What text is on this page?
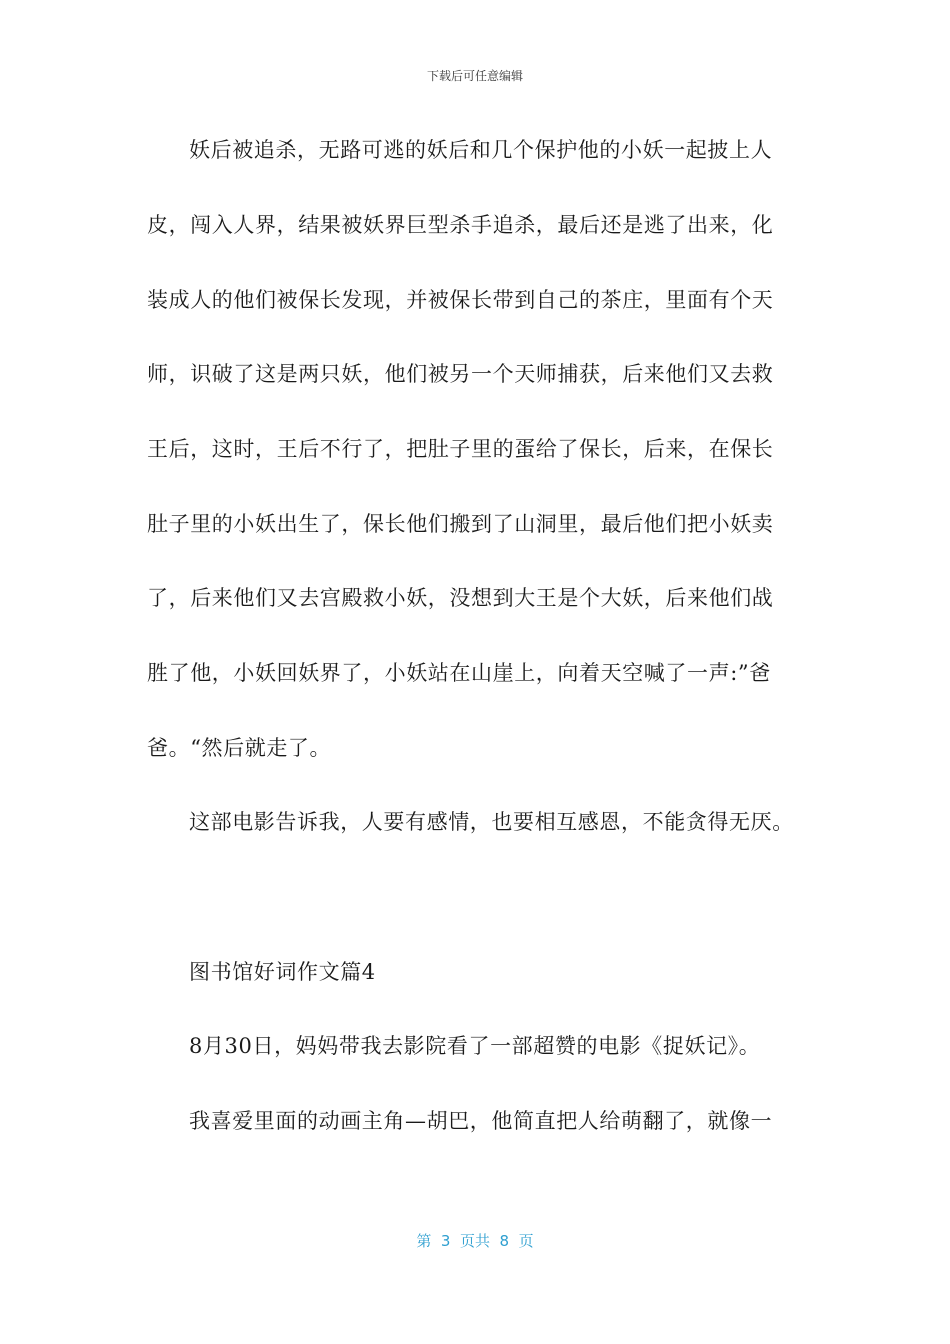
下载后可任意编辑
妖后被追杀，无路可逃的妖后和几个保护他的小妖一起披上人
皮，闯入人界，结果被妖界巨型杀手追杀，最后还是逃了出来，化
装成人的他们被保长发现，并被保长带到自己的茶庄，里面有个天
师，识破了这是两只妖，他们被另一个天师捕获，后来他们又去救
王后，这时，王后不行了，把肚子里的蛋给了保长，后来，在保长
肚子里的小妖出生了，保长他们搬到了山洞里，最后他们把小妖卖
了，后来他们又去宫殿救小妖，没想到大王是个大妖，后来他们战
胜了他，小妖回妖界了，小妖站在山崖上，向着天空喊了一声:”爸
爸。“然后就走了。
这部电影告诉我，人要有感情，也要相互感恩，不能贪得无厌。
图书馆好词作文篇4
8月30日，妈妈带我去影院看了一部超赞的电影《捉妖记》。
我喜爱里面的动画主角—胡巴，他简直把人给萌翻了，就像一
第  3  页共  8  页
